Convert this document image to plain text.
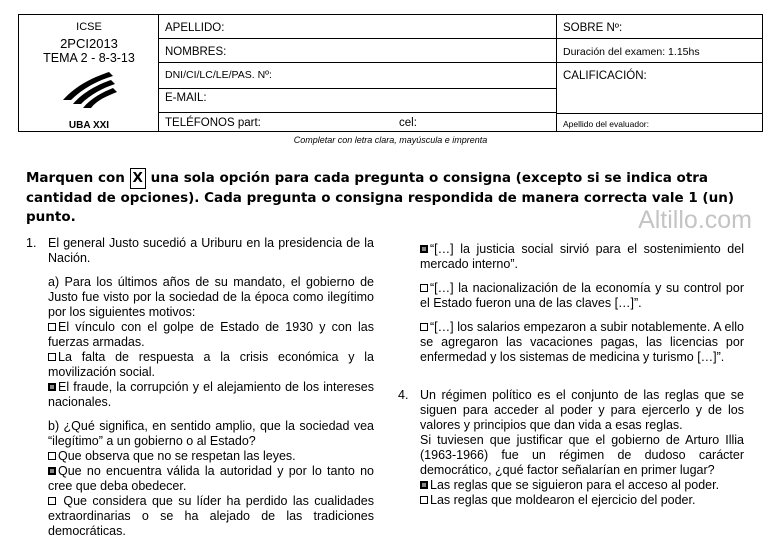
ICSE
2PCI2013
TEMA 2 - 8-3-13
UBA XXI
APELLIDO:
NOMBRES:
DNI/CI/LC/LE/PAS. Nº:
E-MAIL:
TELÉFONOS part:	cel:
SOBRE Nº:
Duración del examen: 1.15hs
CALIFICACIÓN:
Apellido del evaluador:
Completar con letra clara, mayúscula e imprenta
Marquen con X una sola opción para cada pregunta o consigna (excepto si se indica otra cantidad de opciones). Cada pregunta o consigna respondida de manera correcta vale 1 (un) punto.	Altillo.com
1. El general Justo sucedió a Uriburu en la presidencia de la Nación.

a) Para los últimos años de su mandato, el gobierno de Justo fue visto por la sociedad de la época como ilegítimo por los siguientes motivos:

El vínculo con el golpe de Estado de 1930 y con las fuerzas armadas.

La falta de respuesta a la crisis económica y la movilización social.

El fraude, la corrupción y el alejamiento de los intereses nacionales.

b) ¿Qué significa, en sentido amplio, que la sociedad vea “ilegítimo” a un gobierno o al Estado?

Que observa que no se respetan las leyes.

Que no encuentra válida la autoridad y por lo tanto no cree que deba obedecer.

Que considera que su líder ha perdido las cualidades extraordinarias o se ha alejado de las tradiciones democráticas.

“[…] la justicia social sirvió para el sostenimiento del mercado interno”.

“[…] la nacionalización de la economía y su control por el Estado fueron una de las claves […]”.

“[…] los salarios empezaron a subir notablemente. A ello se agregaron las vacaciones pagas, las licencias por enfermedad y los sistemas de medicina y turismo […]”.

4. Un régimen político es el conjunto de las reglas que se siguen para acceder al poder y para ejercerlo y de los valores y principios que dan vida a esas reglas.

Si tuviesen que justificar que el gobierno de Arturo Illia (1963-1966) fue un régimen de dudoso carácter democrático, ¿qué factor señalarían en primer lugar?

Las reglas que se siguieron para el acceso al poder.

Las reglas que moldearon el ejercicio del poder.
